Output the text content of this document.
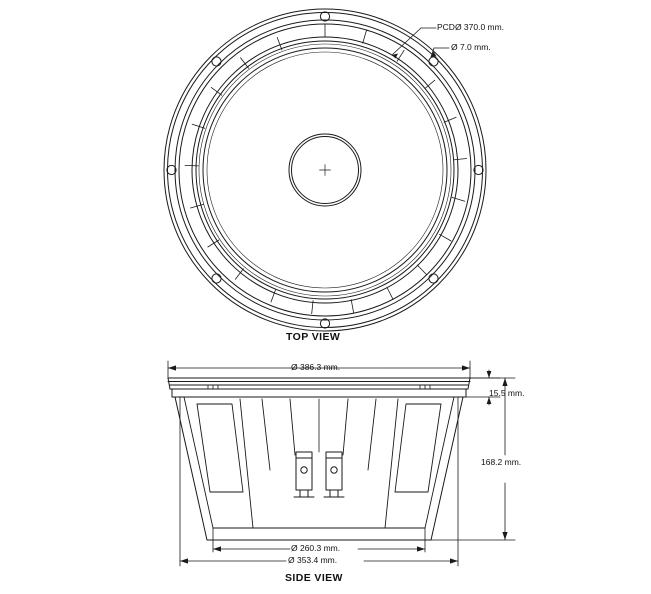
PCDØ 370.0 mm.
Ø 7.0 mm.
TOP VIEW
Ø 386.3 mm.
15.5 mm.
168.2 mm.
Ø 260.3 mm.
Ø 353.4 mm.
SIDE VIEW
